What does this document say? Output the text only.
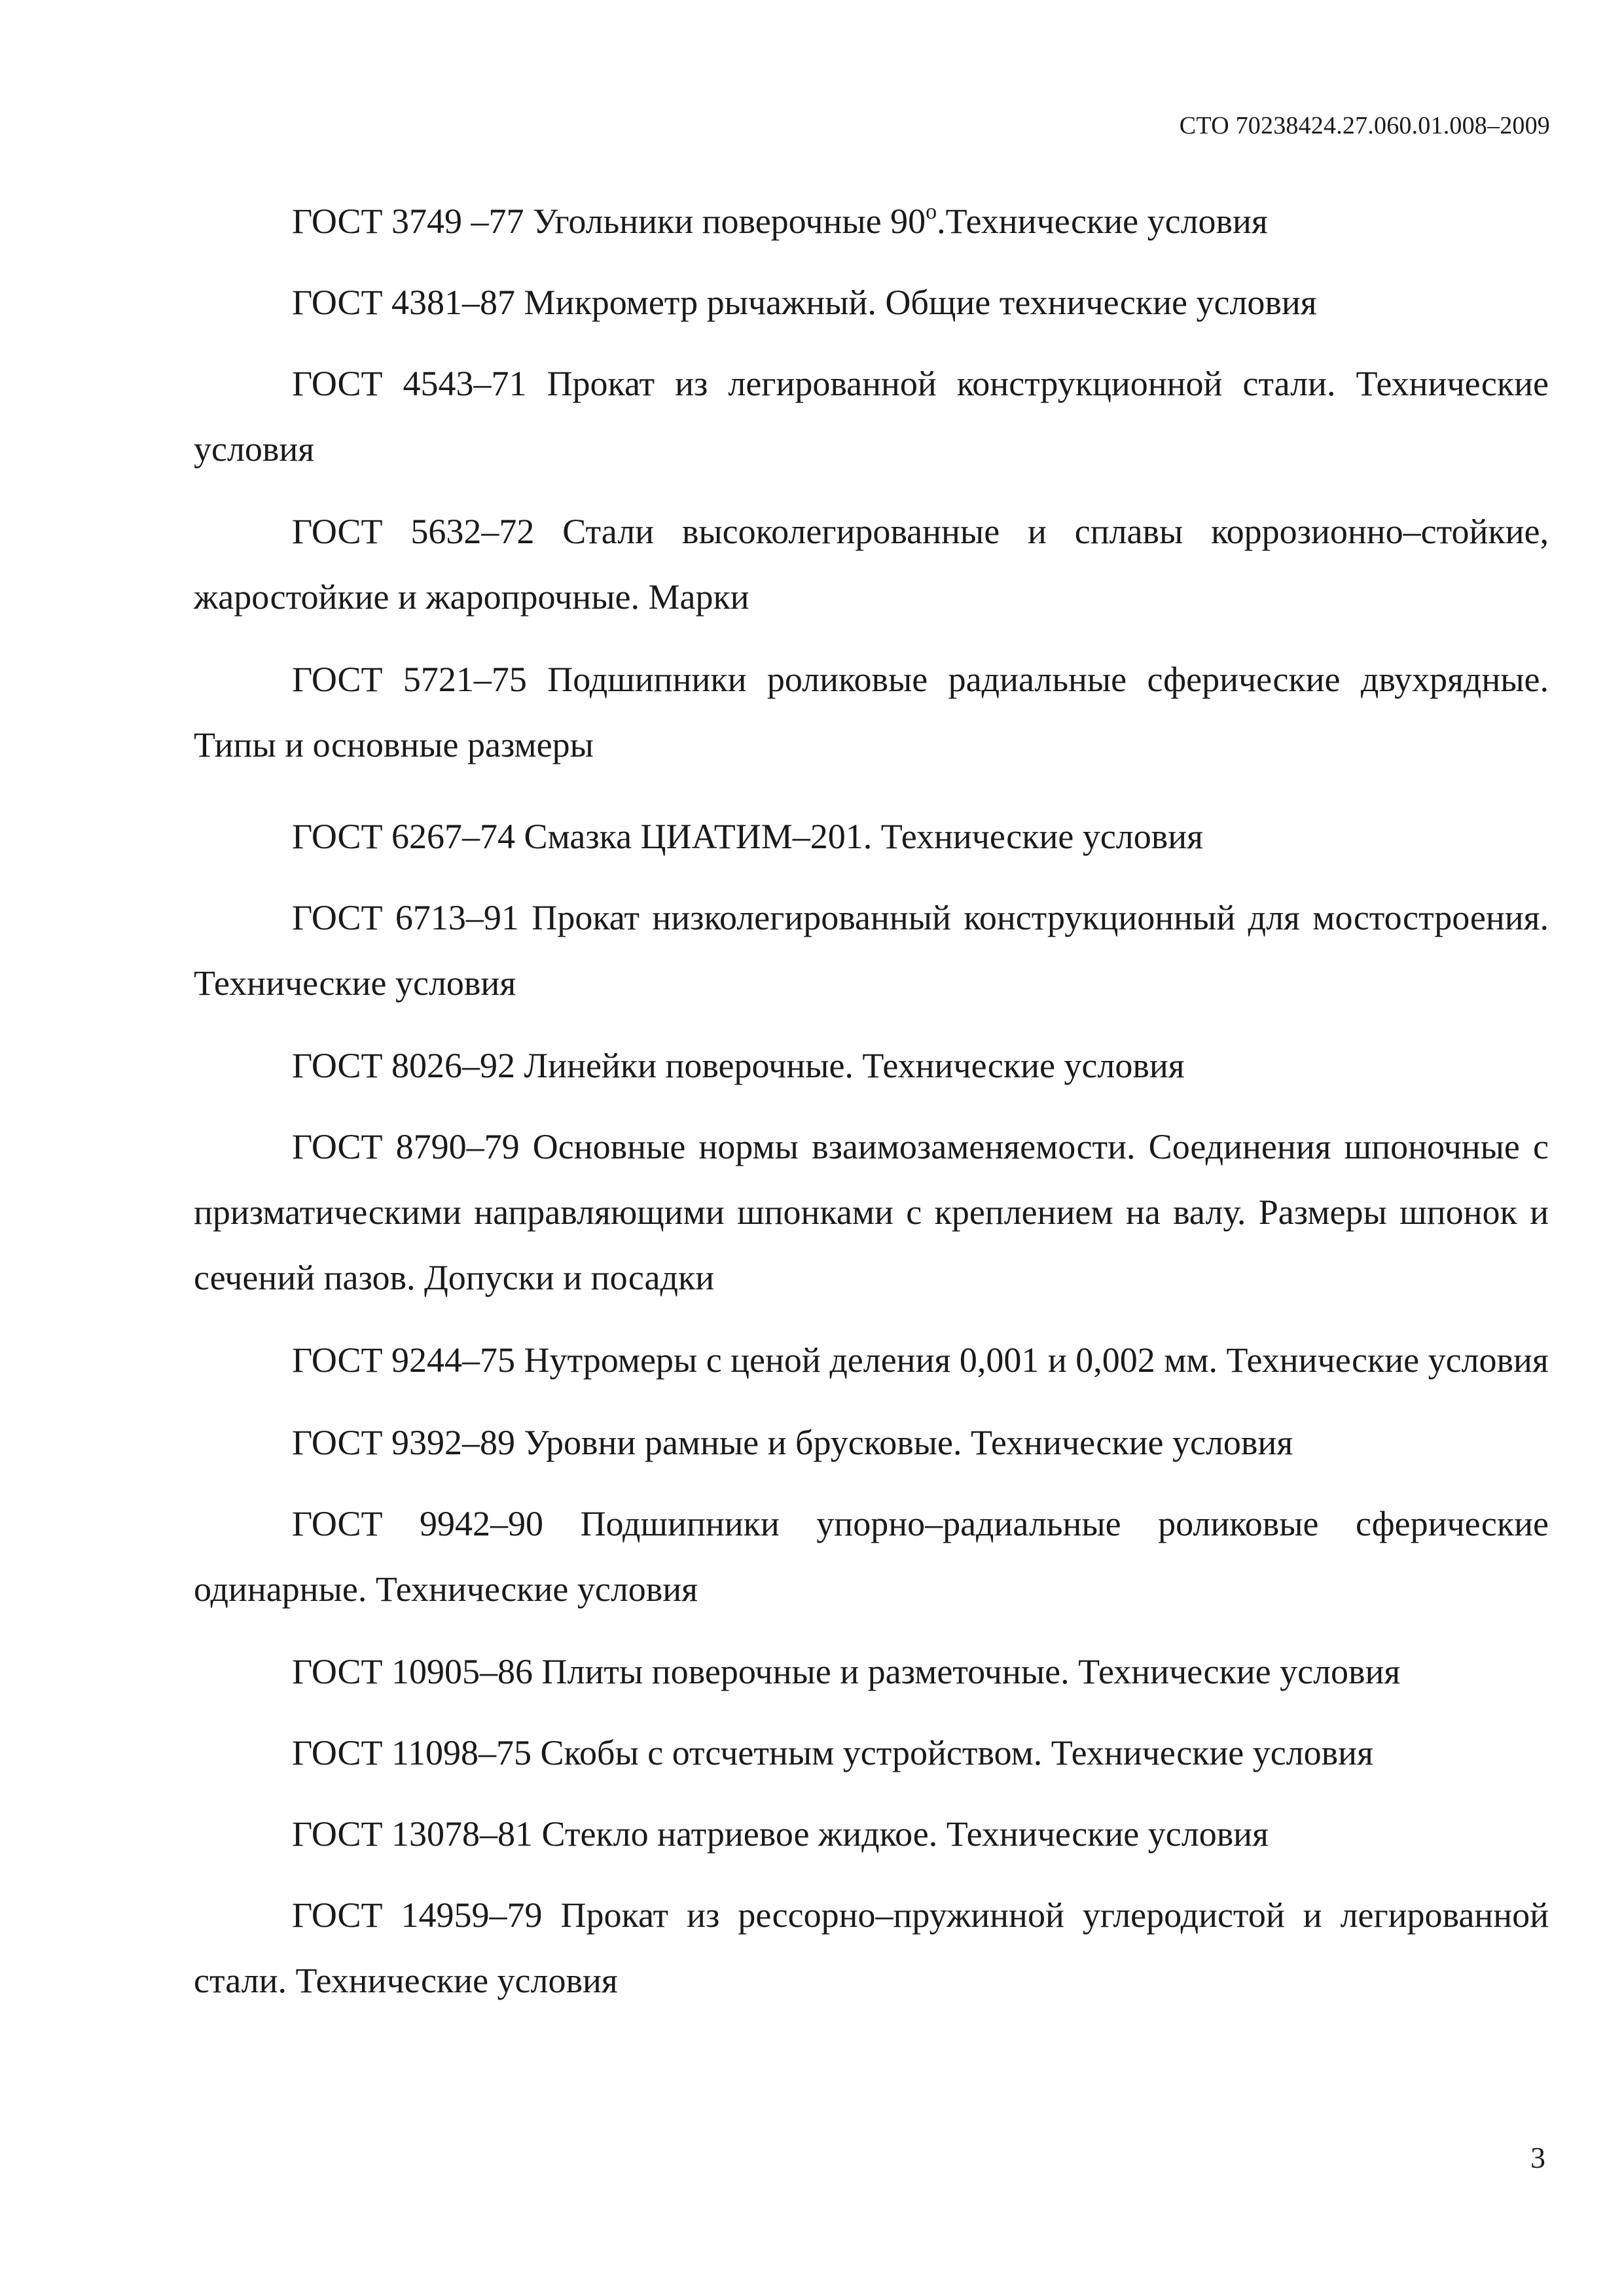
СТО 70238424.27.060.01.008–2009

ГОСТ 3749 –77 Угольники поверочные $90^о.Технические$ условия

ГОСТ 4381–87 Микрометр рычажный. Общие технические условия

ГОСТ 4543–71 Прокат из легированной конструкционной стали. Технические условия

ГОСТ 5632–72 Стали высоколегированные и сплавы коррозионно–стойкие, жаростойкие и жаропрочные. Марки

ГОСТ 5721–75 Подшипники роликовые радиальные сферические двухрядные. Типы и основные размеры

ГОСТ 6267–74 Смазка ЦИАТИМ–201. Технические условия

ГОСТ 6713–91 Прокат низколегированный конструкционный для мостостроения. Технические условия

ГОСТ 8026–92 Линейки поверочные. Технические условия

ГОСТ 8790–79 Основные нормы взаимозаменяемости. Соединения шпоночные с призматическими направляющими шпонками с креплением на валу. Размеры шпонок и сечений пазов. Допуски и посадки

ГОСТ 9244–75 Нутромеры с ценой деления 0,001 и 0,002 мм. Технические условия

ГОСТ 9392–89 Уровни рамные и брусковые. Технические условия

ГОСТ 9942–90 Подшипники упорно–радиальные роликовые сферические одинарные. Технические условия

ГОСТ 10905–86 Плиты поверочные и разметочные. Технические условия

ГОСТ 11098–75 Скобы с отсчетным устройством. Технические условия

ГОСТ 13078–81 Стекло натриевое жидкое. Технические условия

ГОСТ 14959–79 Прокат из рессорно–пружинной углеродистой и легированной стали. Технические условия

3
